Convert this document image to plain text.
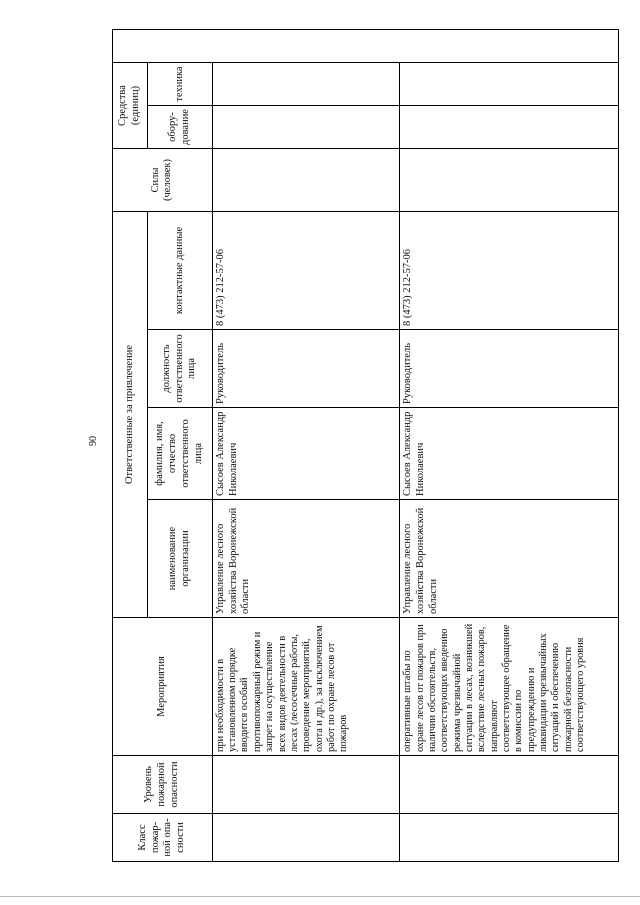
90
Класс пожар-ной опа-сности	Уровень пожарной опасности	Мероприятия	Ответственные за привлечение				Силы (человек)	Средства (единиц)		
			наименование организации	фамилия, имя, отчество ответственного лица	должность ответственного лица	контактные данные		обору-дование	техника	

		при необходимости в установленном порядке вводится особый противопожарный режим и запрет на осуществление всех видов деятельности в лесах (лесосечные работы, проведение мероприятий, охота и др.), за исключением работ по охране лесов от пожаров	Управление лесного хозяйства Воронежской области	Сысоев Александр Николаевич	Руководитель	8 (473) 212-57-06				
		оперативные штабы по охране лесов от пожаров при наличии обстоятельств, соответствующих введению режима чрезвычайной ситуации в лесах, возникшей вследствие лесных пожаров, направляют соответствующее обращение в комиссии по предупреждению и ликвидации чрезвычайных ситуаций и обеспечению пожарной безопасности соответствующего уровня	Управление лесного хозяйства Воронежской области	Сысоев Александр Николаевич	Руководитель	8 (473) 212-57-06				
